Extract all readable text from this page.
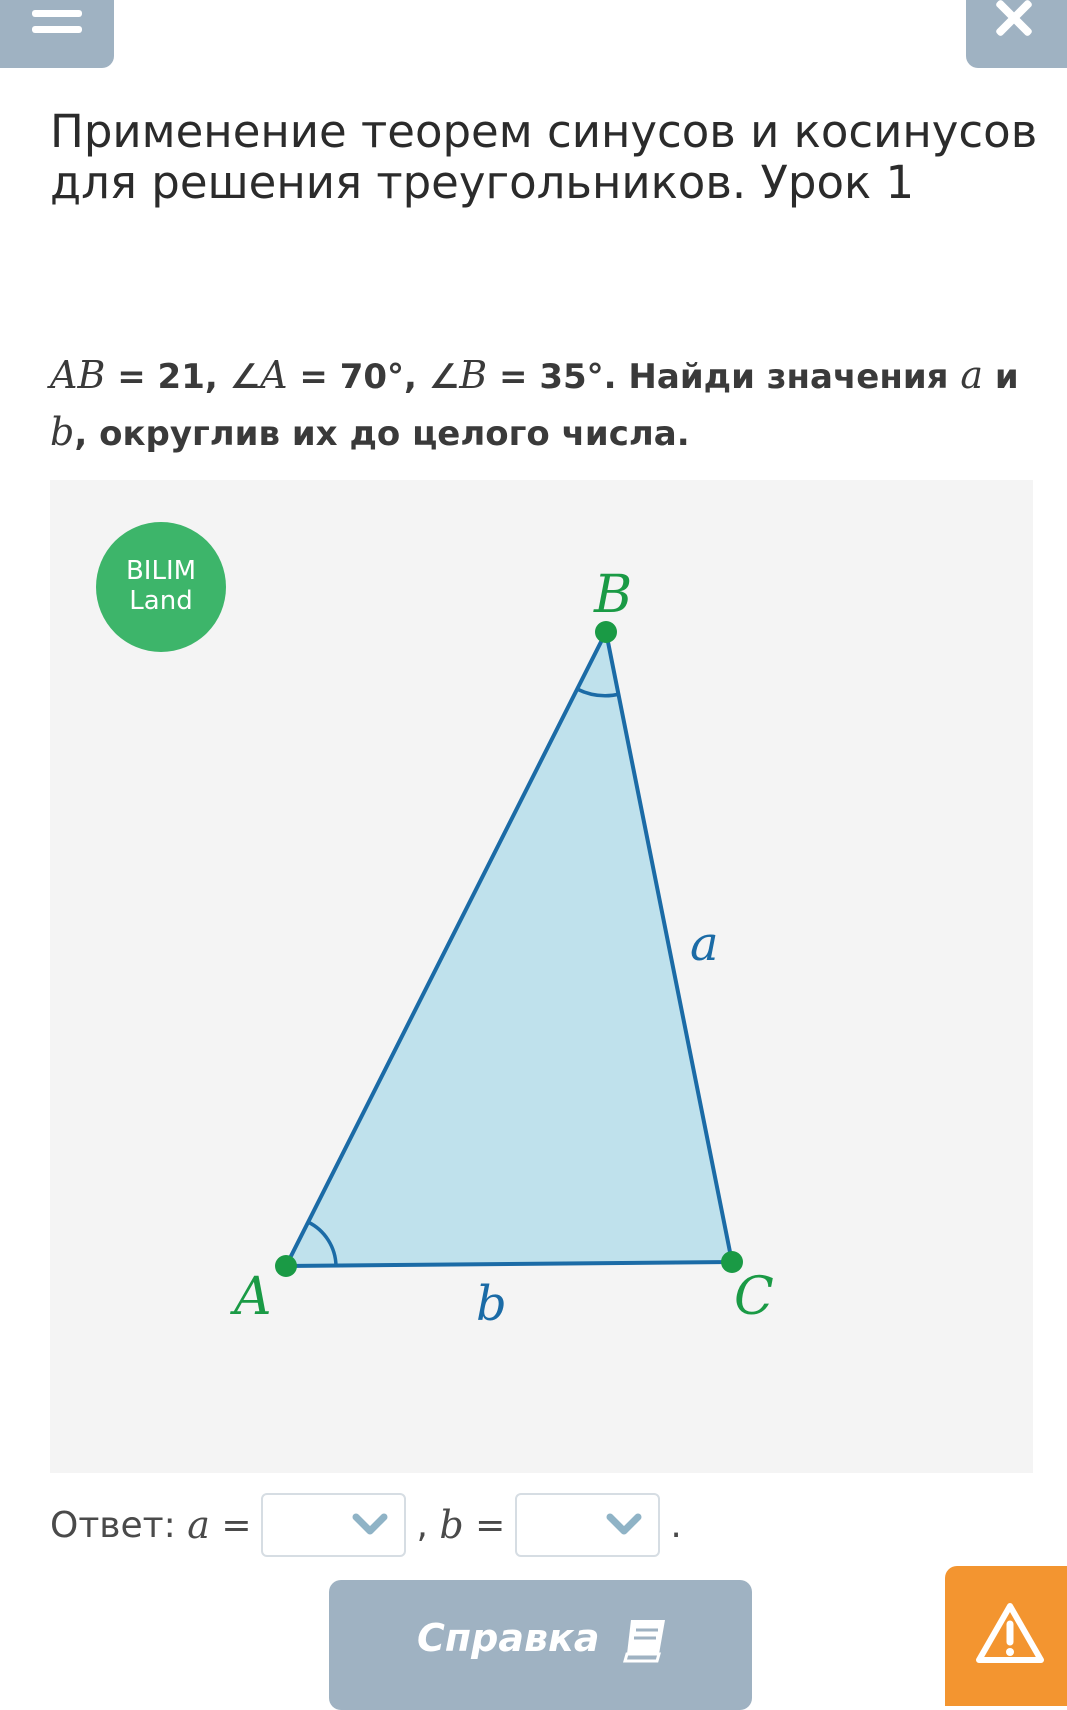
Применение теорем синусов и косинусов для решения треугольников. Урок 1

AB = 21, ∠A = 70°, ∠B = 35°. Найди значения a и b, округлив их до целого числа.

A
B
C
a
b
BILIM
Land
Ответ: a =	, b =	.
Справка
